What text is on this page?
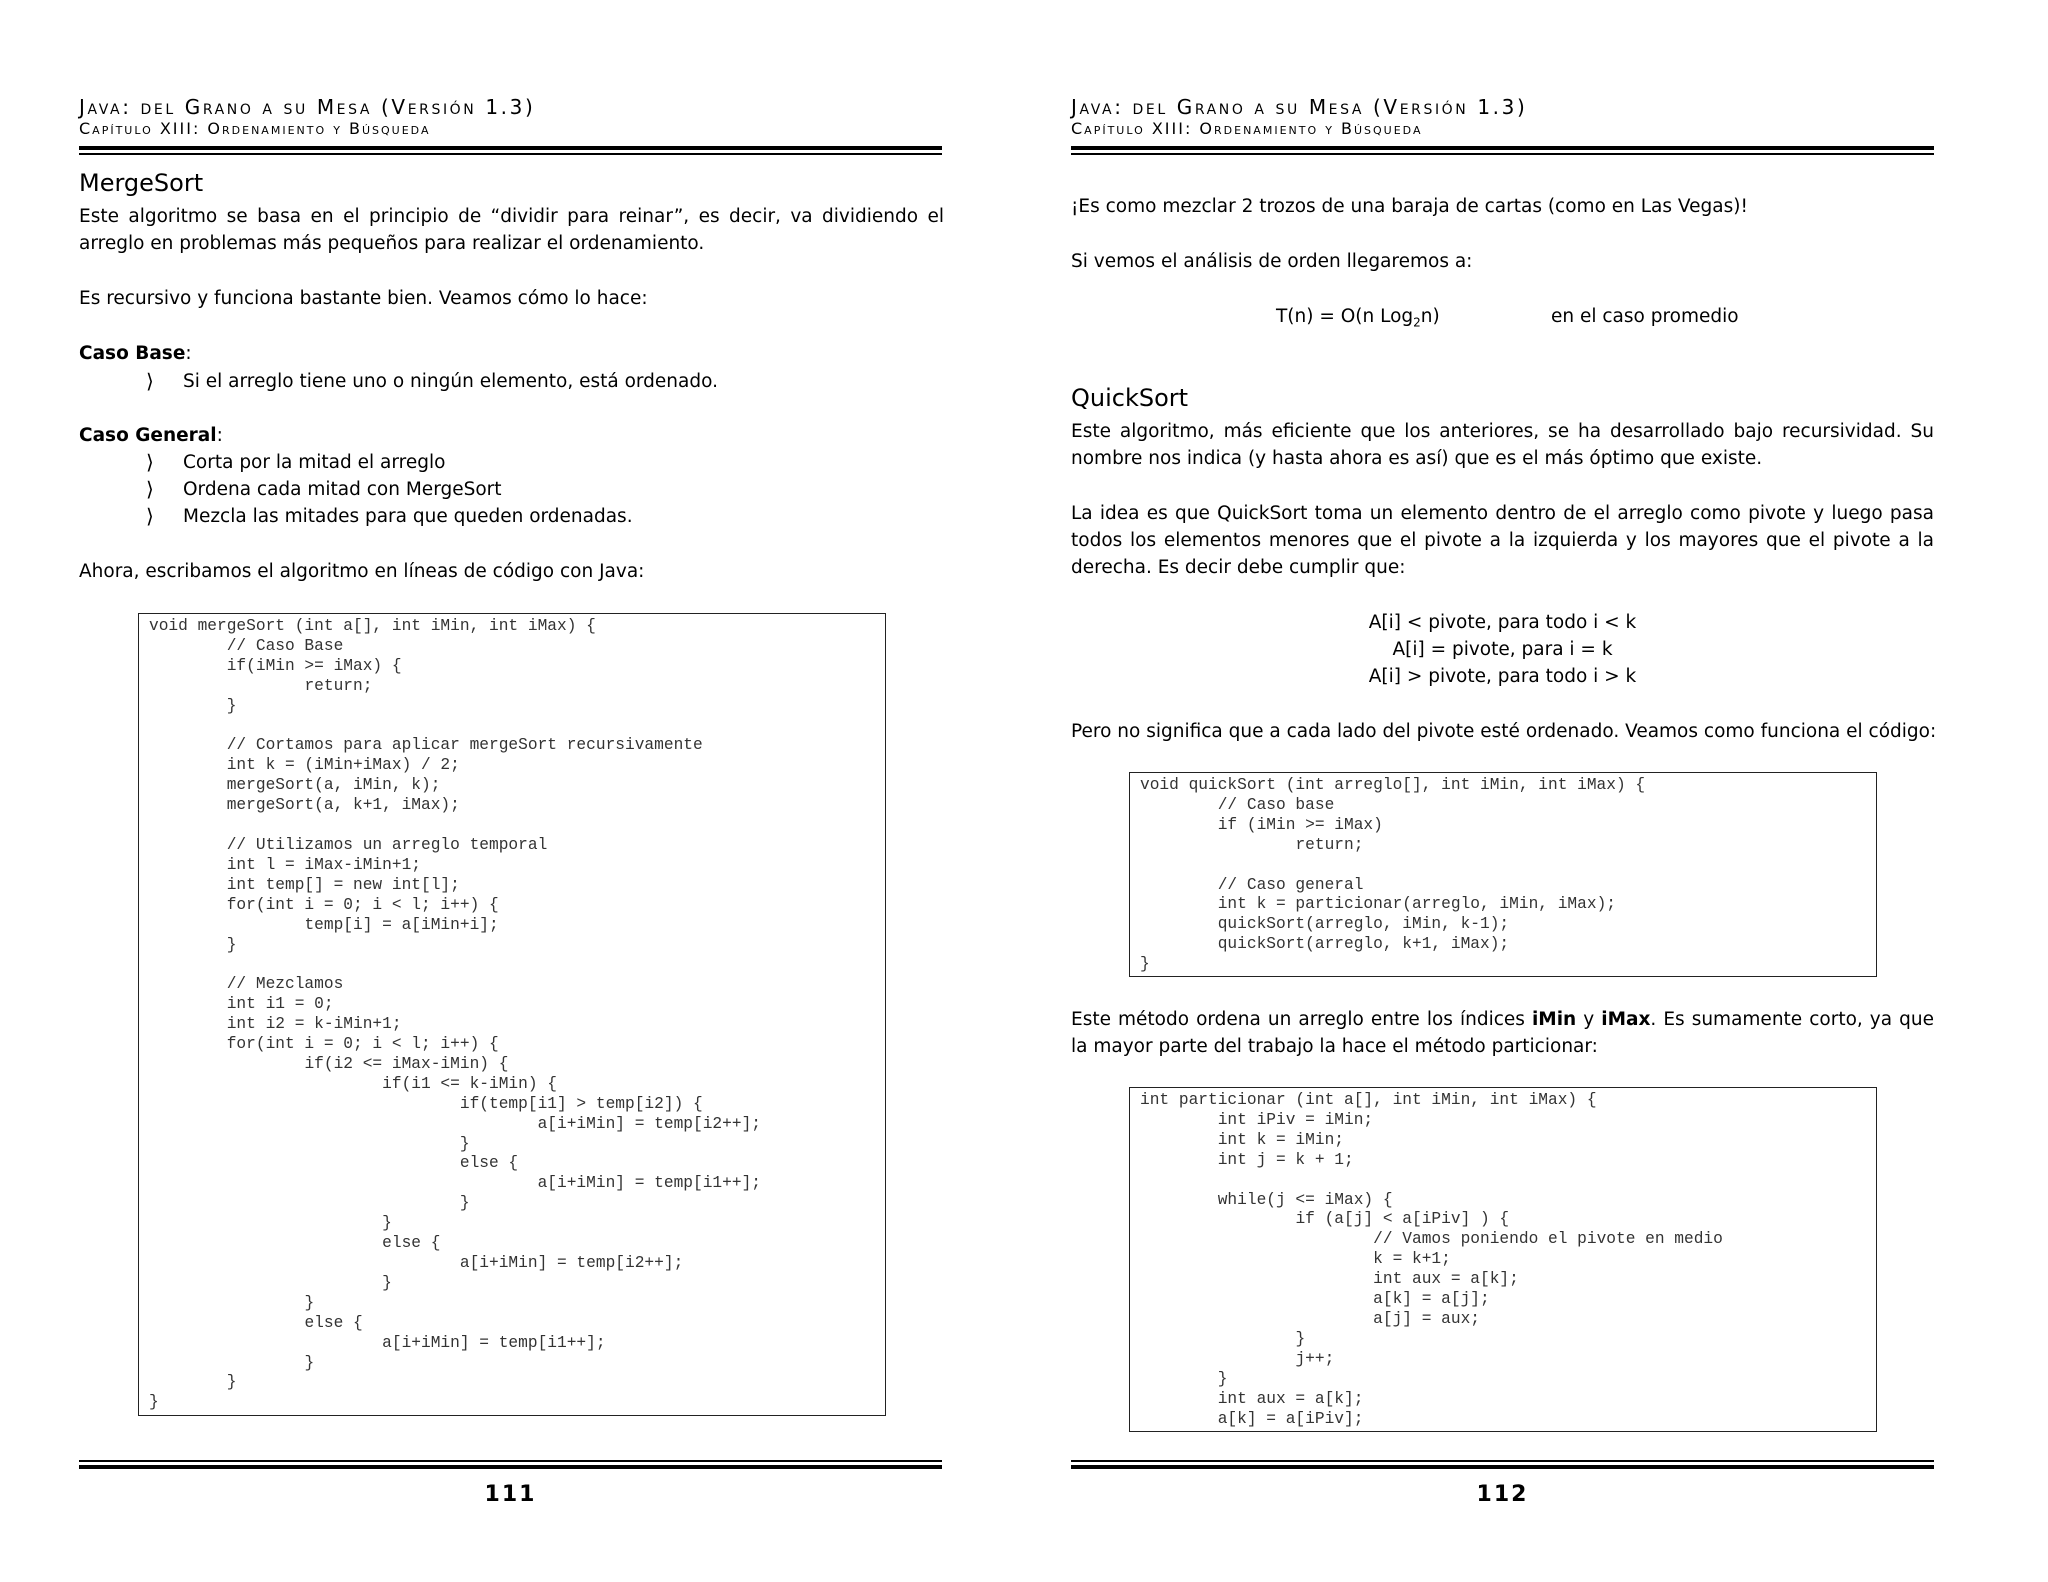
Java: del Grano a su Mesa (Versión 1.3)
Capítulo XIII: Ordenamiento y Búsqueda
MergeSort
Este algoritmo se basa en el principio de “dividir para reinar”, es decir, va dividiendo el arreglo en problemas más pequeños para realizar el ordenamiento.
Es recursivo y funciona bastante bien. Veamos cómo lo hace:
Caso Base:
⟩ Si el arreglo tiene uno o ningún elemento, está ordenado.
Caso General:
⟩ Corta por la mitad el arreglo
⟩ Ordena cada mitad con MergeSort
⟩ Mezcla las mitades para que queden ordenadas.
Ahora, escribamos el algoritmo en líneas de código con Java:
void mergeSort (int a[], int iMin, int iMax) {
	// Caso Base
	if(iMin >= iMax) {
		return;
	}

	// Cortamos para aplicar mergeSort recursivamente
	int k = (iMin+iMax) / 2;
	mergeSort(a, iMin, k);
	mergeSort(a, k+1, iMax);

	// Utilizamos un arreglo temporal
	int l = iMax-iMin+1;
	int temp[] = new int[l];
	for(int i = 0; i < l; i++) {
		temp[i] = a[iMin+i];
	}

	// Mezclamos
	int i1 = 0;
	int i2 = k-iMin+1;
	for(int i = 0; i < l; i++) {
		if(i2 <= iMax-iMin) {
			if(i1 <= k-iMin) {
				if(temp[i1] > temp[i2]) {
					a[i+iMin] = temp[i2++];
				}
				else {
					a[i+iMin] = temp[i1++];
				}
			}
			else {
				a[i+iMin] = temp[i2++];
			}
		}
		else {
			a[i+iMin] = temp[i1++];
		}
	}
}
111
Java: del Grano a su Mesa (Versión 1.3)
Capítulo XIII: Ordenamiento y Búsqueda
¡Es como mezclar 2 trozos de una baraja de cartas (como en Las Vegas)!
Si vemos el análisis de orden llegaremos a:
T(n) = O(n Log$_2$n)	en el caso promedio
QuickSort
Este algoritmo, más eficiente que los anteriores, se ha desarrollado bajo recursividad. Su nombre nos indica (y hasta ahora es así) que es el más óptimo que existe.
La idea es que QuickSort toma un elemento dentro de el arreglo como pivote y luego pasa todos los elementos menores que el pivote a la izquierda y los mayores que el pivote a la derecha. Es decir debe cumplir que:
A[i] < pivote, para todo i < k
A[i] = pivote, para i = k
A[i] > pivote, para todo i > k
Pero no significa que a cada lado del pivote esté ordenado. Veamos como funciona el código:
void quickSort (int arreglo[], int iMin, int iMax) {
	// Caso base
	if (iMin >= iMax)
		return;

	// Caso general
	int k = particionar(arreglo, iMin, iMax);
	quickSort(arreglo, iMin, k-1);
	quickSort(arreglo, k+1, iMax);
}
Este método ordena un arreglo entre los índices iMin y iMax. Es sumamente corto, ya que la mayor parte del trabajo la hace el método particionar:
int particionar (int a[], int iMin, int iMax) {
	int iPiv = iMin;
	int k = iMin;
	int j = k + 1;

	while(j <= iMax) {
		if (a[j] < a[iPiv] ) {
			// Vamos poniendo el pivote en medio
			k = k+1;
			int aux = a[k];
			a[k] = a[j];
			a[j] = aux;
		}
		j++;
	}
	int aux = a[k];
	a[k] = a[iPiv];
112
